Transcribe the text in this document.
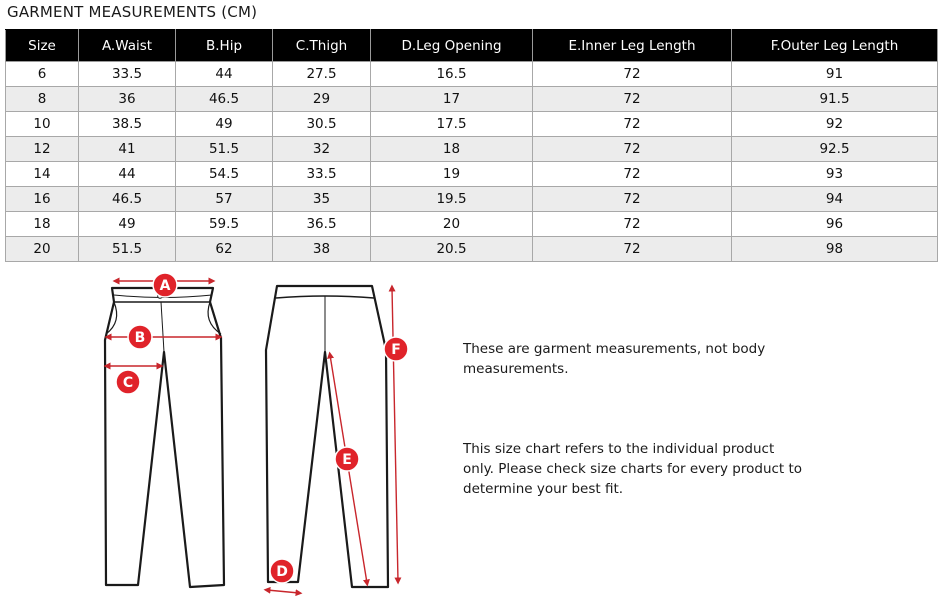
GARMENT MEASUREMENTS (CM)
Size	A.Waist	B.Hip	C.Thigh	D.Leg Opening	E.Inner Leg Length	F.Outer Leg Length
6	33.5	44	27.5	16.5	72	91
8	36	46.5	29	17	72	91.5
10	38.5	49	30.5	17.5	72	92
12	41	51.5	32	18	72	92.5
14	44	54.5	33.5	19	72	93
16	46.5	57	35	19.5	72	94
18	49	59.5	36.5	20	72	96
20	51.5	62	38	20.5	72	98
A
B
C
D
E
F	These are garment measurements, not body measurements.
This size chart refers to the individual product only. Please check size charts for every product to determine your best fit.
